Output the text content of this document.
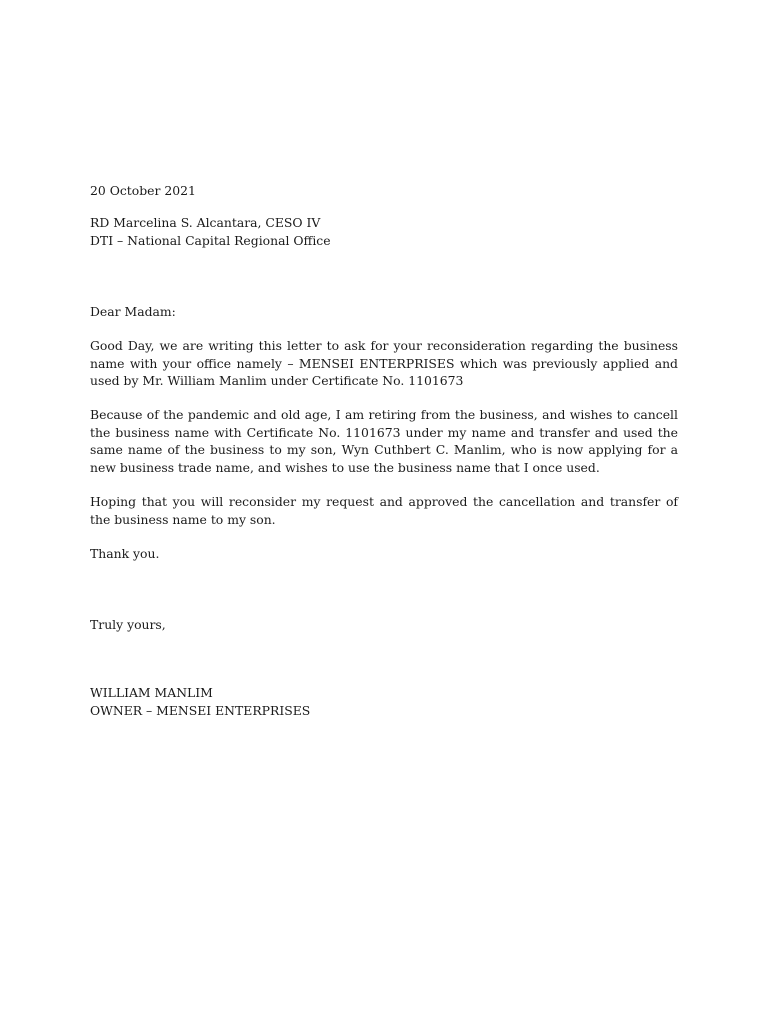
20 October 2021
RD Marcelina S. Alcantara, CESO IV
DTI – National Capital Regional Office
Dear Madam:
Good Day, we are writing this letter to ask for your reconsideration regarding the business name with your office namely – MENSEI ENTERPRISES which was previously applied and used by Mr. William Manlim under Certificate No. 1101673
Because of the pandemic and old age, I am retiring from the business, and wishes to cancell the business name with Certificate No. 1101673 under my name and transfer and used the same name of the business to my son, Wyn Cuthbert C. Manlim, who is now applying for a new business trade name, and wishes to use the business name that I once used.
Hoping that you will reconsider my request and approved the cancellation and transfer of the business name to my son.
Thank you.
Truly yours,
WILLIAM MANLIM
OWNER – MENSEI ENTERPRISES
